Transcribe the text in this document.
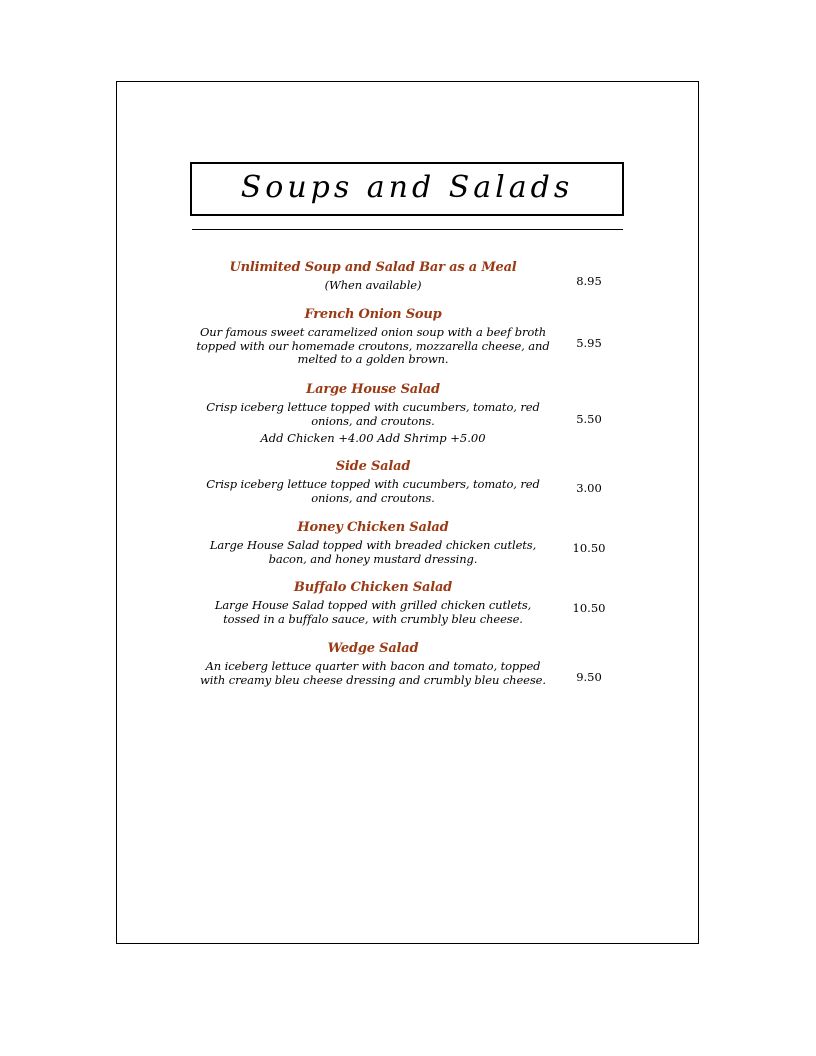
Soups and Salads
Unlimited Soup and Salad Bar as a Meal
(When available)	8.95
French Onion Soup
Our famous sweet caramelized onion soup with a beef broth topped with our homemade croutons, mozzarella cheese, and melted to a golden brown.
5.95
Large House Salad
Crisp iceberg lettuce topped with cucumbers, tomato, red onions, and croutons.
Add Chicken +4.00 Add Shrimp +5.00
5.50
Side Salad
Crisp iceberg lettuce topped with cucumbers, tomato, red onions, and croutons.
3.00
Honey Chicken Salad
Large House Salad topped with breaded chicken cutlets, bacon, and honey mustard dressing.
10.50
Buffalo Chicken Salad
Large House Salad topped with grilled chicken cutlets, tossed in a buffalo sauce, with crumbly bleu cheese.
10.50
Wedge Salad
An iceberg lettuce quarter with bacon and tomato, topped with creamy bleu cheese dressing and crumbly bleu cheese.	9.50
